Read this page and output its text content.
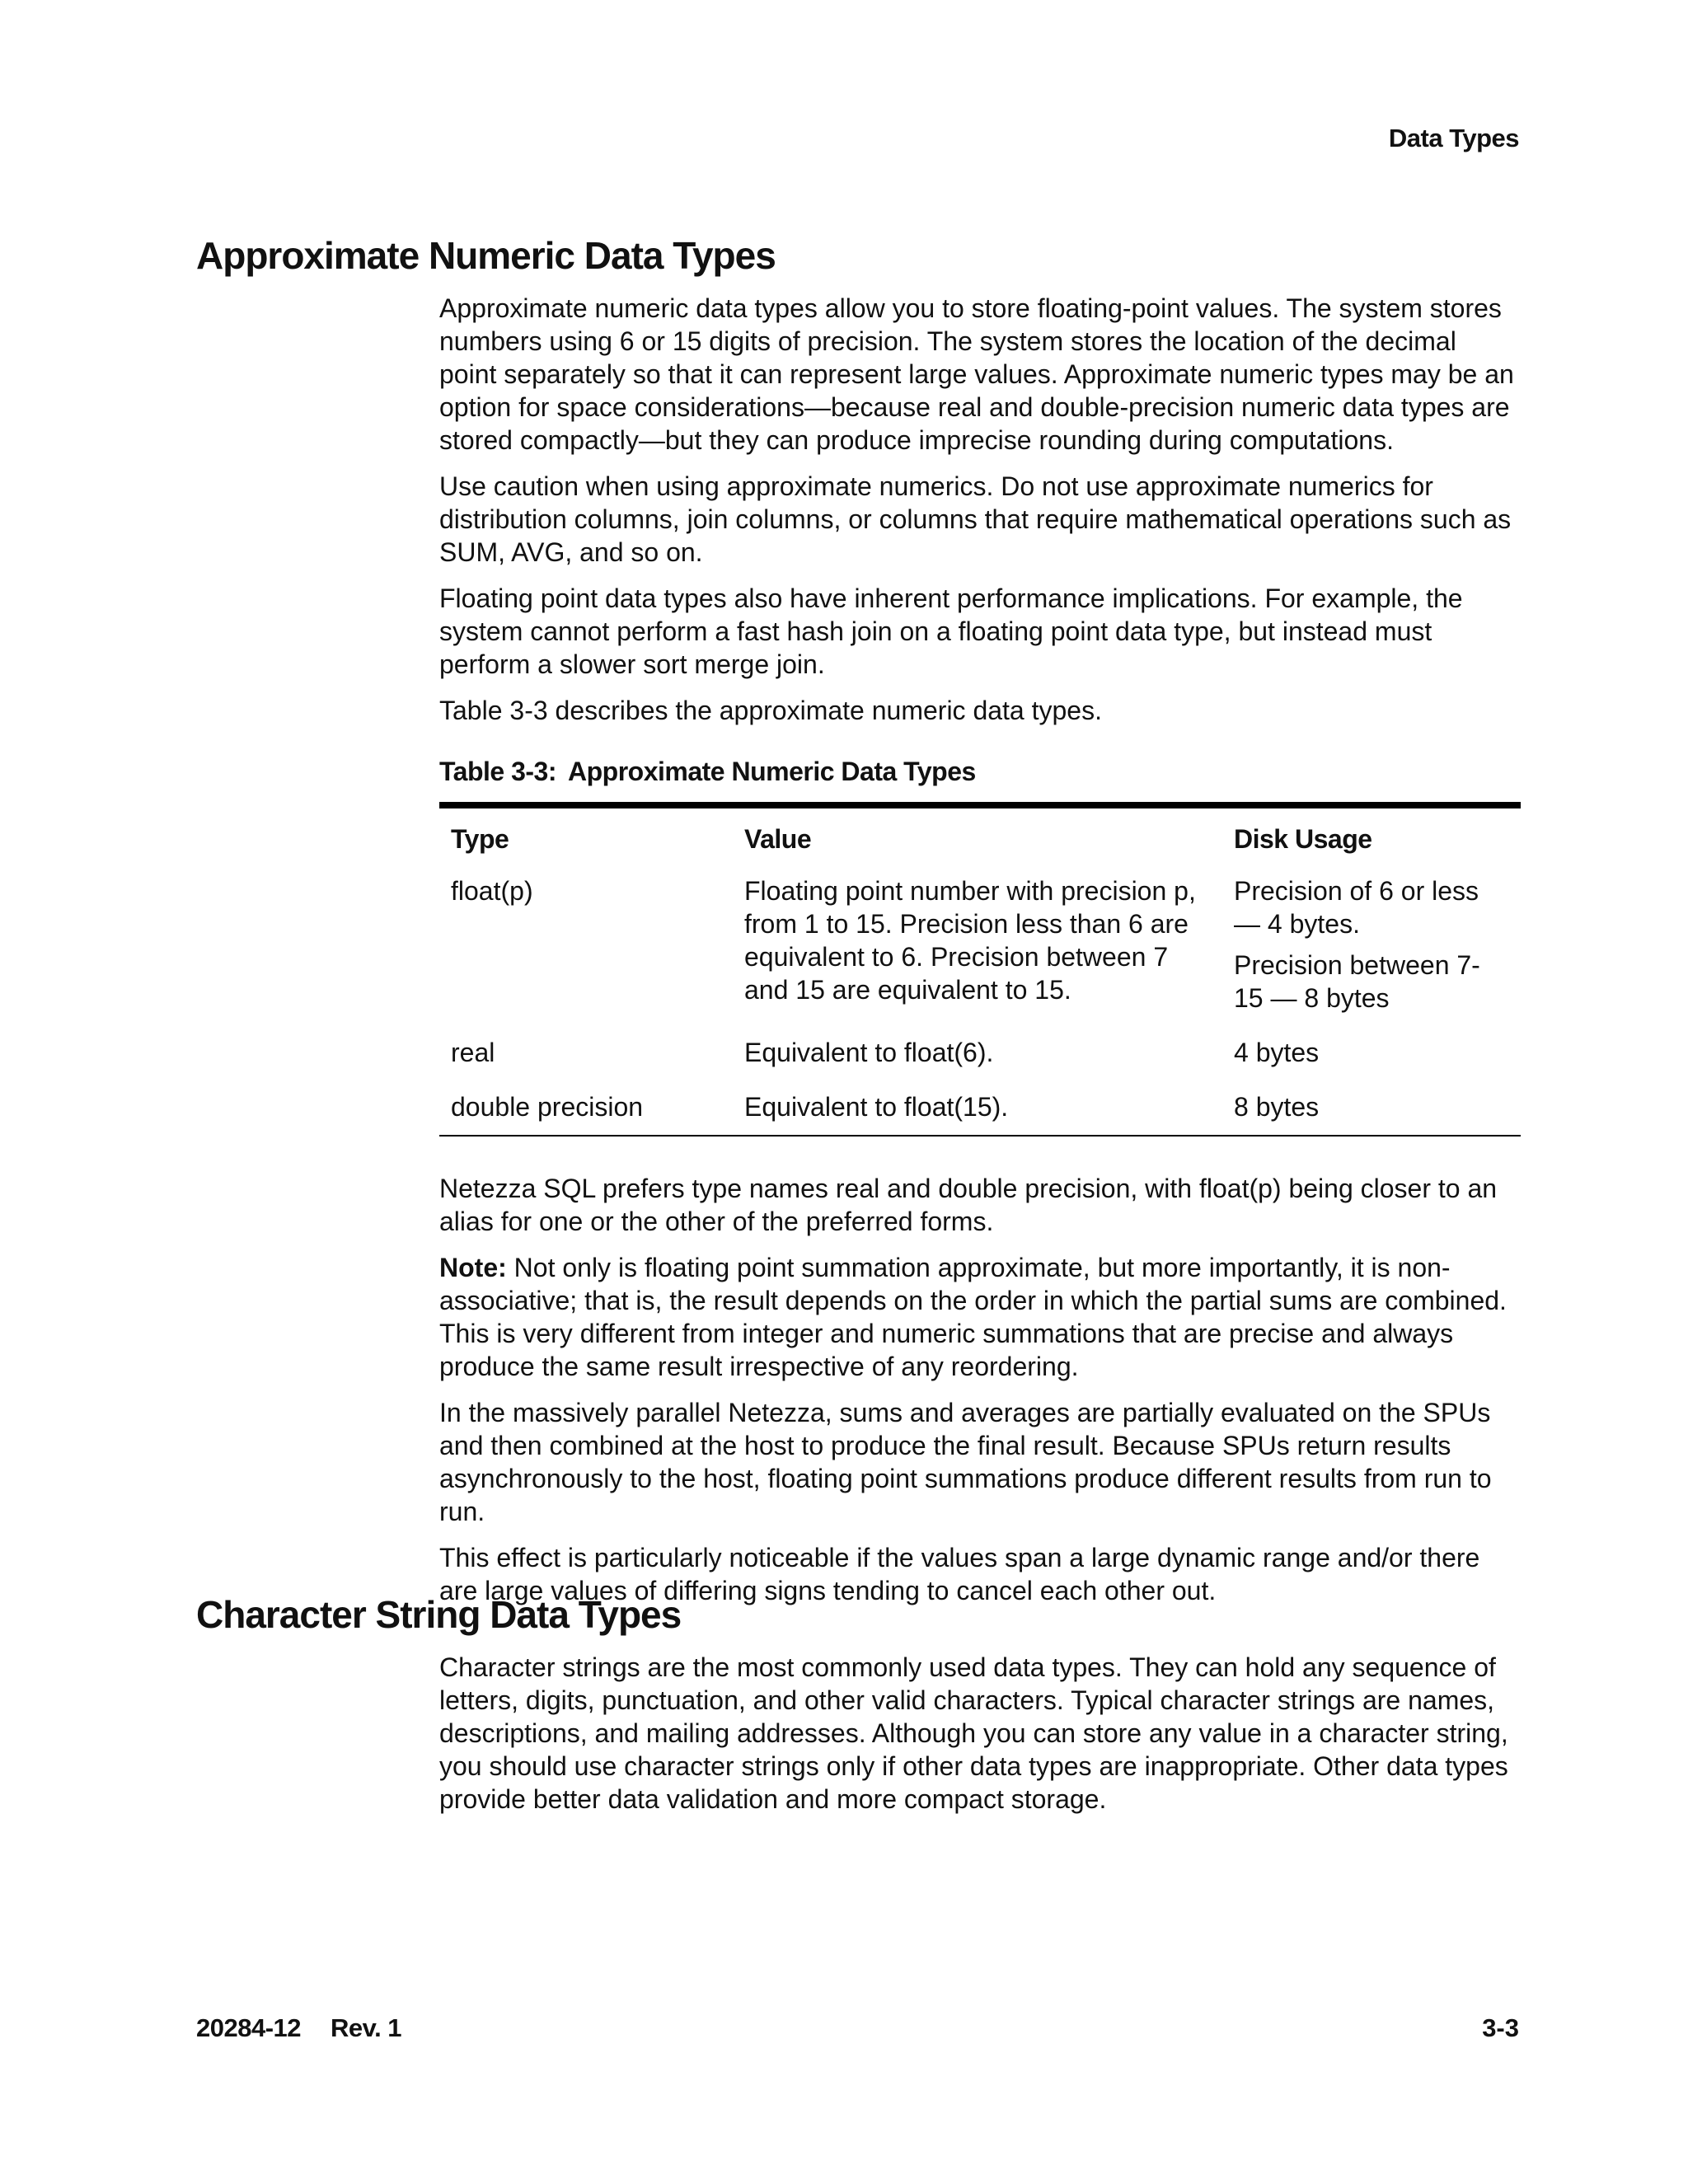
Data Types
Approximate Numeric Data Types

Approximate numeric data types allow you to store floating-point values. The system stores numbers using 6 or 15 digits of precision. The system stores the location of the decimal point separately so that it can represent large values. Approximate numeric types may be an option for space considerations—because real and double-precision numeric data types are stored compactly—but they can produce imprecise rounding during computations.

Use caution when using approximate numerics. Do not use approximate numerics for distribution columns, join columns, or columns that require mathematical operations such as SUM, AVG, and so on.

Floating point data types also have inherent performance implications. For example, the system cannot perform a fast hash join on a floating point data type, but instead must perform a slower sort merge join.

Table 3-3 describes the approximate numeric data types.

Table 3-3: Approximate Numeric Data Types
Type	Value	Disk Usage
float(p)	Floating point number with precision p, from 1 to 15. Precision less than 6 are equivalent to 6. Precision between 7 and 15 are equivalent to 15.	Precision of 6 or less — 4 bytes.

Precision between 7-15 — 8 bytes

real	Equivalent to float(6).	4 bytes
double precision	Equivalent to float(15).	8 bytes

Netezza SQL prefers type names real and double precision, with float(p) being closer to an alias for one or the other of the preferred forms.

Note: Not only is floating point summation approximate, but more importantly, it is non-associative; that is, the result depends on the order in which the partial sums are combined. This is very different from integer and numeric summations that are precise and always produce the same result irrespective of any reordering.

In the massively parallel Netezza, sums and averages are partially evaluated on the SPUs and then combined at the host to produce the final result. Because SPUs return results asynchronously to the host, floating point summations produce different results from run to run.

This effect is particularly noticeable if the values span a large dynamic range and/or there are large values of differing signs tending to cancel each other out.

Character String Data Types

Character strings are the most commonly used data types. They can hold any sequence of letters, digits, punctuation, and other valid characters. Typical character strings are names, descriptions, and mailing addresses. Although you can store any value in a character string, you should use character strings only if other data types are inappropriate. Other data types provide better data validation and more compact storage.

20284-12 Rev. 1	3-3
